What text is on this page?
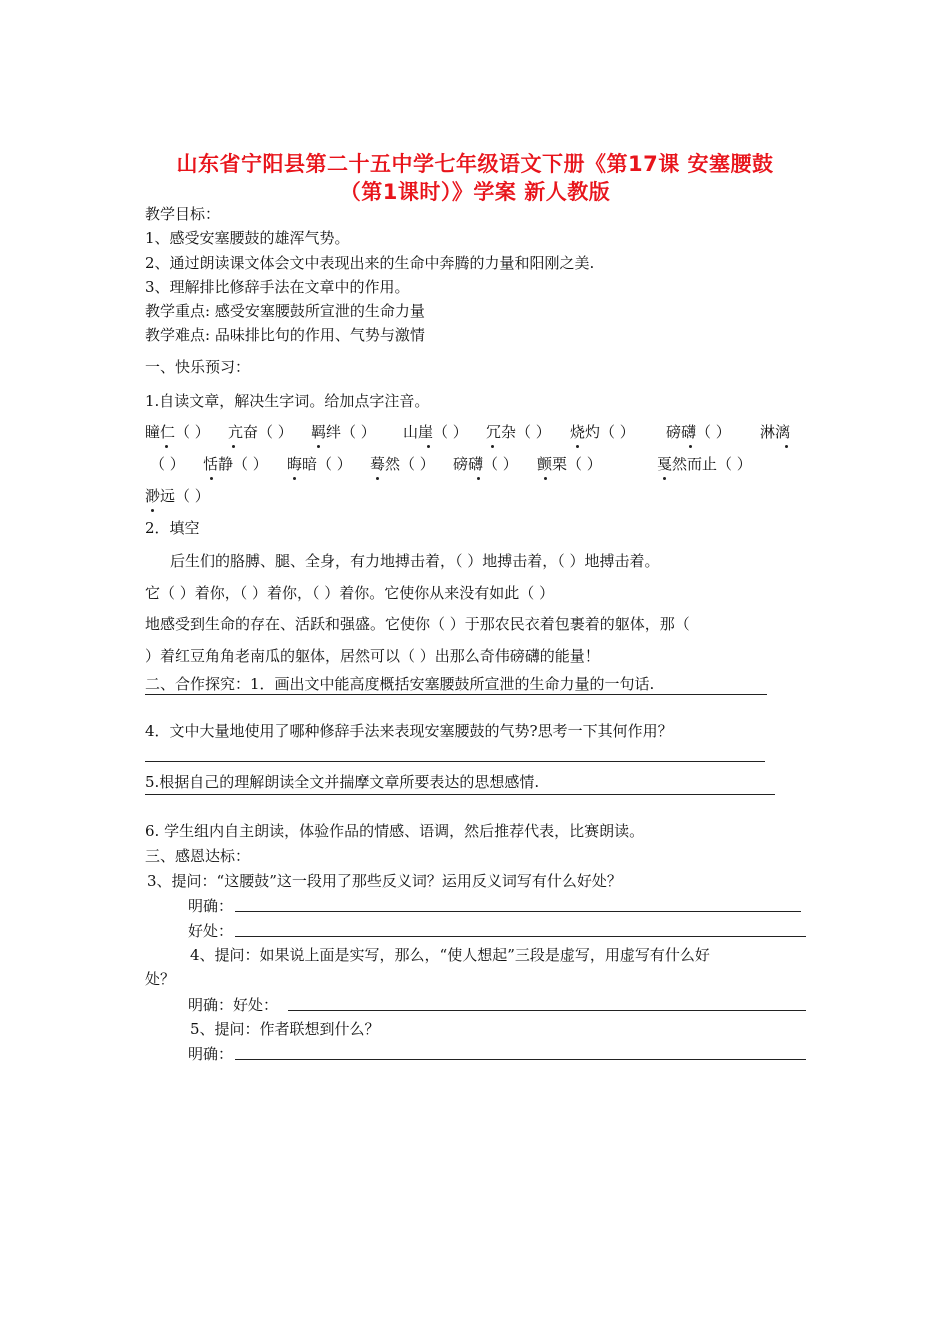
山东省宁阳县第二十五中学七年级语文下册《第17课 安塞腰鼓
（第1课时）》学案 新人教版
教学目标：
1、感受安塞腰鼓的雄浑气势。
2、通过朗读课文体会文中表现出来的生命中奔腾的力量和阳刚之美.
3、理解排比修辞手法在文章中的作用。
教学重点: 感受安塞腰鼓所宣泄的生命力量
教学难点: 品味排比句的作用、气势与激情
一、快乐预习：
1.自读文章，解决生字词。给加点字注音。
瞳仁（ ） 亢奋（ ） 羁绊（ ） 山崖（ ） 冗杂（ ） 烧灼（ ） 磅礴（ ） 淋漓
（ ） 恬静（ ） 晦暗（ ） 蓦然（ ） 磅礴（ ） 颤栗（ ）	戛然而止（ ）
渺远（ ）
2．填空
后生们的胳膊、腿、全身，有力地搏击着，（ ）地搏击着，（ ）地搏击着。
它（ ）着你，（ ）着你，（ ）着你。它使你从来没有如此（ ）
地感受到生命的存在、活跃和强盛。它使你（ ）于那农民衣着包裹着的躯体，那（
）着红豆角角老南瓜的躯体，居然可以（ ）出那么奇伟磅礴的能量！
二、合作探究：1．画出文中能高度概括安塞腰鼓所宣泄的生命力量的一句话.
4．文中大量地使用了哪种修辞手法来表现安塞腰鼓的气势?思考一下其何作用？
5.根据自己的理解朗读全文并揣摩文章所要表达的思想感情.
6. 学生组内自主朗读，体验作品的情感、语调，然后推荐代表，比赛朗读。
三、感恩达标：
3、提问：“这腰鼓”这一段用了那些反义词？运用反义词写有什么好处？
明确：
好处：
4、提问：如果说上面是实写，那么，“使人想起”三段是虚写，用虚写有什么好
处？
明确：好处：
5、提问：作者联想到什么？
明确：
